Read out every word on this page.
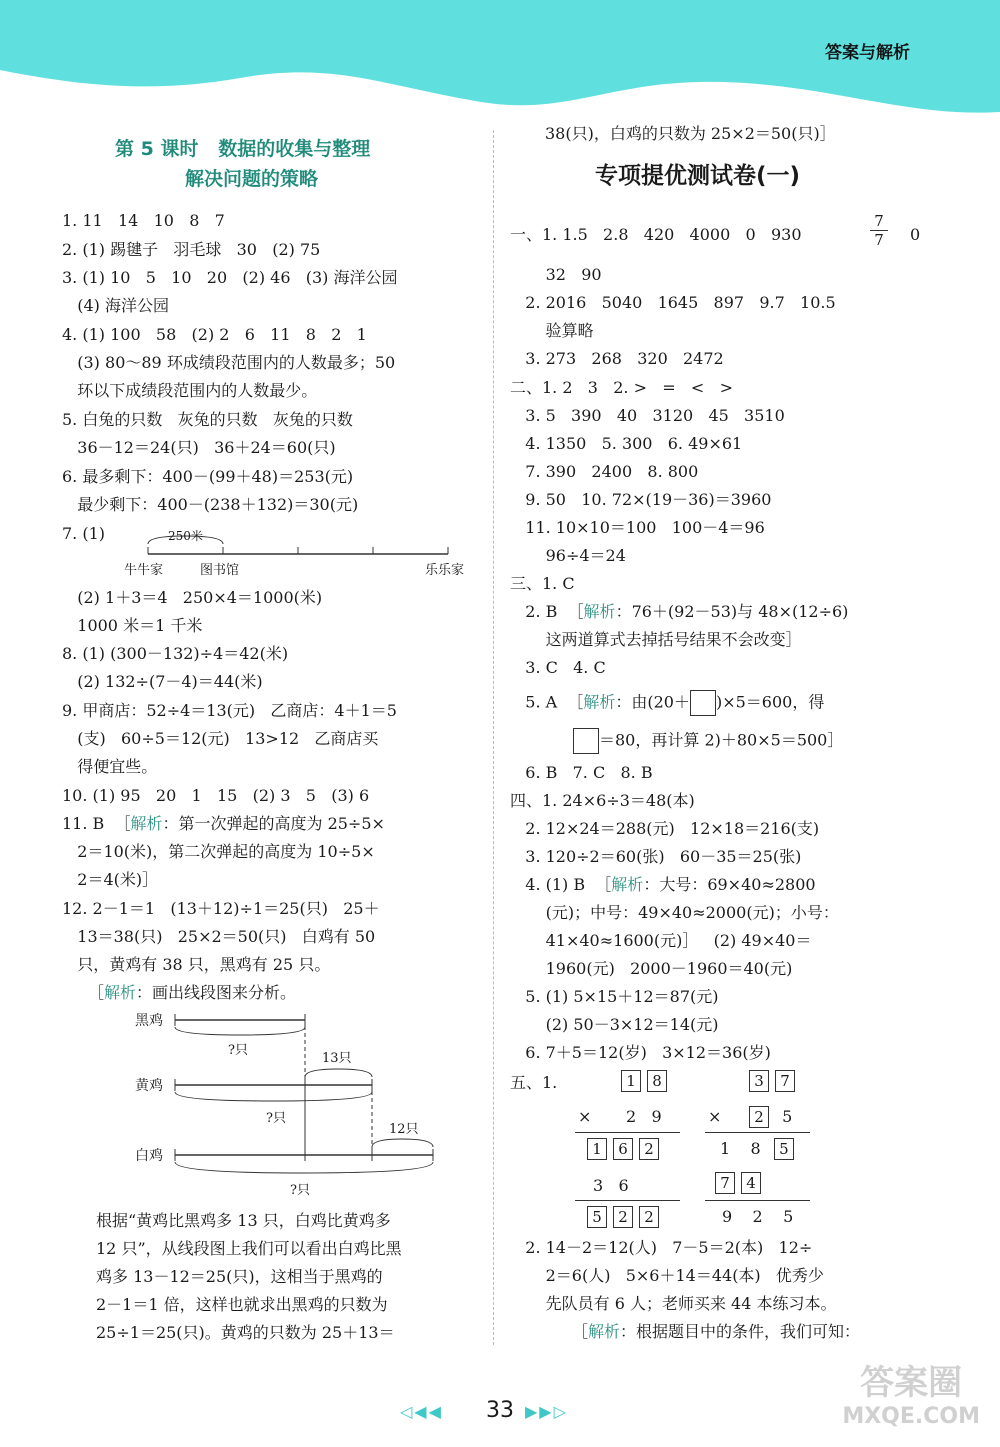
答案与解析
第 5 课时   数据的收集与整理
解决问题的策略
1. 11   14   10   8   7
2. (1) 踢毽子   羽毛球   30   (2) 75
3. (1) 10   5   10   20   (2) 46   (3) 海洋公园
(4) 海洋公园
4. (1) 100   58   (2) 2   6   11   8   2   1
(3) 80～89 环成绩段范围内的人数最多；50
环以下成绩段范围内的人数最少。
5. 白兔的只数   灰兔的只数   灰兔的只数
36－12＝24(只)   36＋24＝60(只)
6. 最多剩下：400－(99＋48)＝253(元)
最少剩下：400－(238＋132)＝30(元)
7. (1)	250米
牛牛家	图书馆	乐乐家
(2) 1＋3＝4   250×4＝1000(米)
1000 米＝1 千米
8. (1) (300－132)÷4＝42(米)
(2) 132÷(7－4)＝44(米)
9. 甲商店：52÷4＝13(元)   乙商店：4＋1＝5
(支)   60÷5＝12(元)   13>12   乙商店买
得便宜些。
10. (1) 95   20   1   15   (2) 3   5   (3) 6
11. B  ［解析：第一次弹起的高度为 25÷5×
2＝10(米)，第二次弹起的高度为 10÷5×
2＝4(米)］
12. 2－1＝1   (13＋12)÷1＝25(只)   25＋
13＝38(只)   25×2＝50(只)   白鸡有 50
只，黄鸡有 38 只，黑鸡有 25 只。
［解析：画出线段图来分析。
黑鸡
?只
13只
黄鸡
?只
12只
白鸡
?只
根据“黄鸡比黑鸡多 13 只，白鸡比黄鸡多
12 只”，从线段图上我们可以看出白鸡比黑
鸡多 13－12＝25(只)，这相当于黑鸡的
2－1＝1 倍，这样也就求出黑鸡的只数为
25÷1＝25(只)。黄鸡的只数为 25＋13＝
38(只)，白鸡的只数为 25×2＝50(只)］
专项提优测试卷(一)
一、1. 1.5   2.8   420   4000   0   930	$\frac{7}{7} 0$
32   90
2. 2016   5040   1645   897   9.7   10.5
验算略
3. 273   268   320   2472
二、1. 2   3   2. >   =   <   >
3. 5   390   40   3120   45   3510
4. 1350   5. 300   6. 49×61
7. 390   2400   8. 800
9. 50   10. 72×(19－36)＝3960
11. 10×10＝100   100－4＝96
96÷4＝24
三、1. C
2. B  ［解析：76＋(92－53)与 48×(12÷6)
这两道算式去掉括号结果不会改变］
3. C   4. C
5. A  ［解析：由(20＋ )×5＝600，得
＝80，再计算 2)＋80×5＝500］
6. B   7. C   8. B
四、1. 24×6÷3＝48(本)
2. 12×24＝288(元)   12×18＝216(支)
3. 120÷2＝60(张)   60－35＝25(张)
4. (1) B  ［解析：大号：69×40≈2800
(元)；中号：49×40≈2000(元)；小号：
41×40≈1600(元)］   (2) 49×40＝
1960(元)   2000－1960＝40(元)
5. (1) 5×15＋12＝87(元)
(2) 50－3×12＝14(元)
6. 7＋5＝12(岁)   3×12＝36(岁)
五、1.	1 8
× 2 9
1 6 2
3 6
5 2 2
3 7
×	2 5
1 8 5
7 4
9 2 5
2. 14－2＝12(人)   7－5＝2(本)   12÷
2＝6(人)   5×6＋14＝44(本)   优秀少
先队员有 6 人；老师买来 44 本练习本。
［解析：根据题目中的条件，我们可知：
◁◀◀	33 ▶▶▷
答案圈
MXQE.COM
